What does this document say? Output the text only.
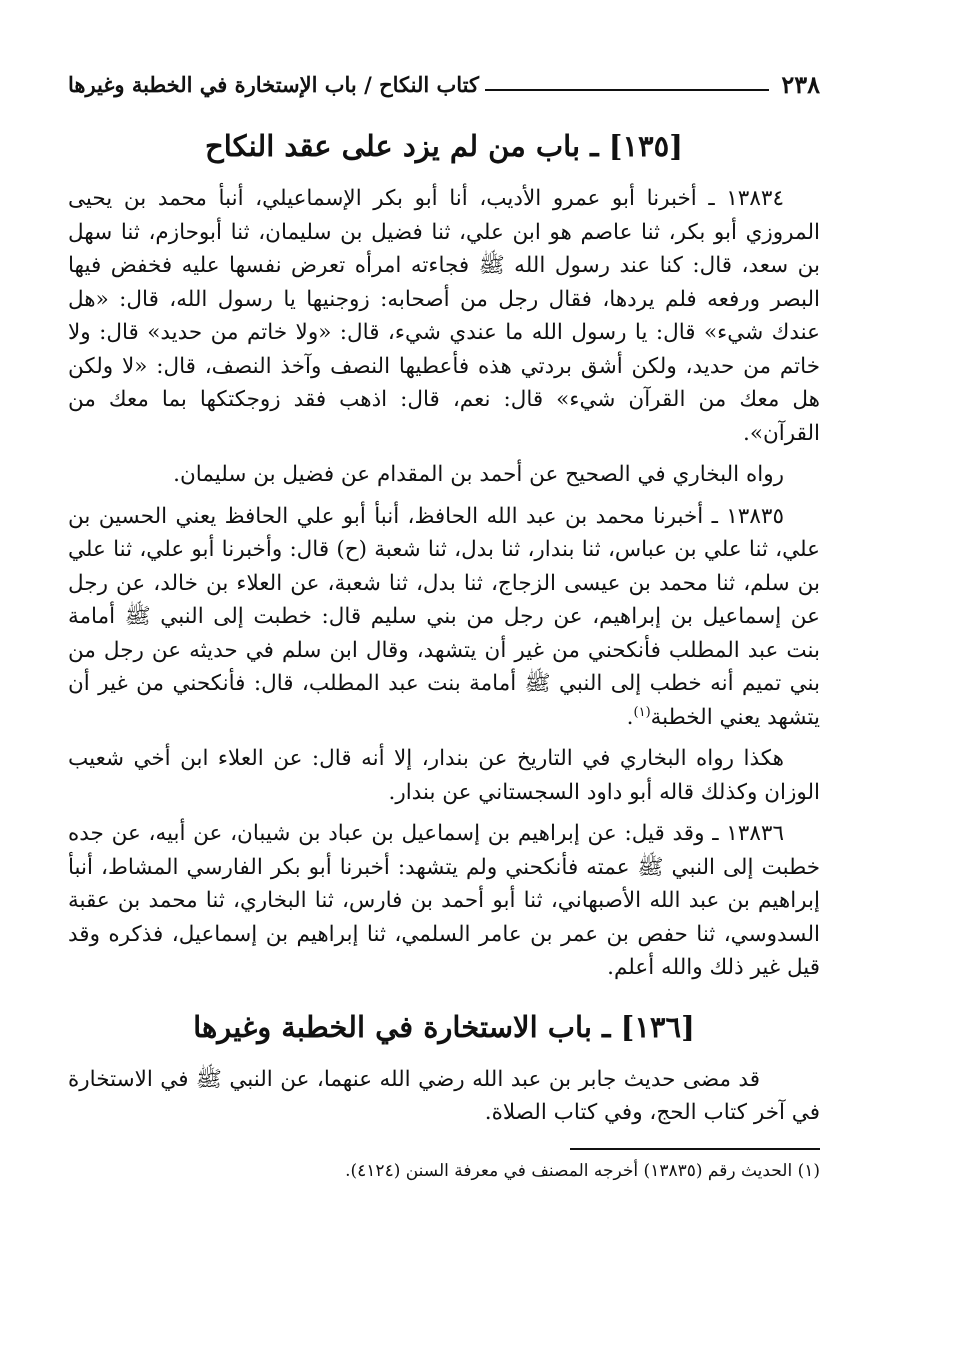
٢٣٨
كتاب النكاح / باب الإستخارة في الخطبة وغيرها
[١٣٥] ـ باب من لم يزد على عقد النكاح

١٣٨٣٤ ـ أخبرنا أبو عمرو الأديب، أنا أبو بكر الإسماعيلي، أنبأ محمد بن يحيى المروزي أبو بكر، ثنا عاصم هو ابن علي، ثنا فضيل بن سليمان، ثنا أبوحازم، ثنا سهل بن سعد، قال: كنا عند رسول الله ﷺ فجاءته امرأه تعرض نفسها عليه فخفض فيها البصر ورفعه فلم يردها، فقال رجل من أصحابه: زوجنيها يا رسول الله، قال: «هل عندك شيء» قال: يا رسول الله ما عندي شيء، قال: «ولا خاتم من حديد» قال: ولا خاتم من حديد، ولكن أشق بردتي هذه فأعطيها النصف وآخذ النصف، قال: «لا ولكن هل معك من القرآن شيء» قال: نعم، قال: اذهب فقد زوجكتكها بما معك من القرآن».

رواه البخاري في الصحيح عن أحمد بن المقدام عن فضيل بن سليمان.

١٣٨٣٥ ـ أخبرنا محمد بن عبد الله الحافظ، أنبأ أبو علي الحافظ يعني الحسين بن علي، ثنا علي بن عباس، ثنا بندار، ثنا بدل، ثنا شعبة (ح) قال: وأخبرنا أبو علي، ثنا علي بن سلم، ثنا محمد بن عيسى الزجاج، ثنا بدل، ثنا شعبة، عن العلاء بن خالد، عن رجل عن إسماعيل بن إبراهيم، عن رجل من بني سليم قال: خطبت إلى النبي ﷺ أمامة بنت عبد المطلب فأنكحني من غير أن يتشهد، وقال ابن سلم في حديثه عن رجل من بني تميم أنه خطب إلى النبي ﷺ أمامة بنت عبد المطلب، قال: فأنكحني من غير أن يتشهد يعني الخطبة$^{(١)}$.

هكذا رواه البخاري في التاريخ عن بندار، إلا أنه قال: عن العلاء ابن أخي شعيب الوزان وكذلك قاله أبو داود السجستاني عن بندار.

١٣٨٣٦ ـ وقد قيل: عن إبراهيم بن إسماعيل بن عباد بن شيبان، عن أبيه، عن جده خطبت إلى النبي ﷺ عمته فأنكحني ولم يتشهد: أخبرنا أبو بكر الفارسي المشاط، أنبأ إبراهيم بن عبد الله الأصبهاني، ثنا أبو أحمد بن فارس، ثنا البخاري، ثنا محمد بن عقبة السدوسي، ثنا حفص بن عمر بن عامر السلمي، ثنا إبراهيم بن إسماعيل، فذكره وقد قيل غير ذلك والله أعلم.

[١٣٦] ـ باب الاستخارة في الخطبة وغيرها

قد مضى حديث جابر بن عبد الله رضي الله عنهما، عن النبي ﷺ في الاستخارة في آخر كتاب الحج، وفي كتاب الصلاة.

(١) الحديث رقم (١٣٨٣٥) أخرجه المصنف في معرفة السنن (٤١٢٤).
